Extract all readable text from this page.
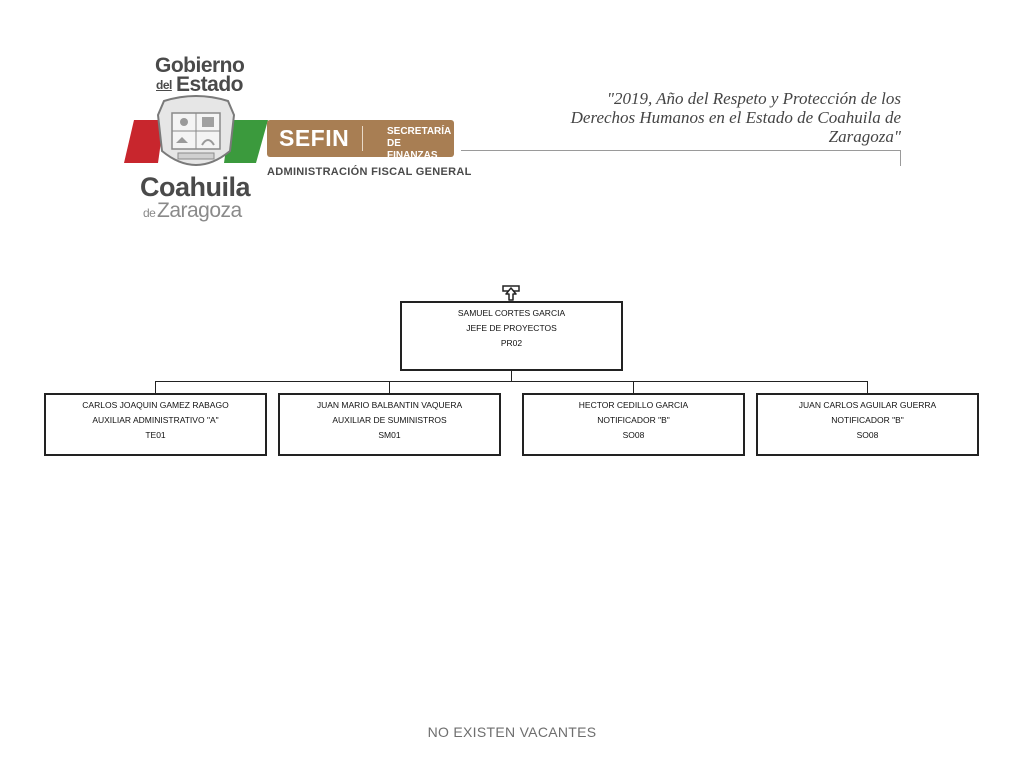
Gobierno
del Estado
Coahuila
de Zaragoza
SEFIN	SECRETARÍA
DE FINANZAS
ADMINISTRACIÓN FISCAL GENERAL
"2019, Año del Respeto y Protección de los Derechos Humanos en el Estado de Coahuila de Zaragoza"
SAMUEL CORTES GARCIA
JEFE DE PROYECTOS
PR02
CARLOS JOAQUIN GAMEZ RABAGO
AUXILIAR ADMINISTRATIVO "A"
TE01
JUAN MARIO BALBANTIN VAQUERA
AUXILIAR DE SUMINISTROS
SM01
HECTOR CEDILLO GARCIA
NOTIFICADOR "B"
SO08
JUAN CARLOS AGUILAR GUERRA
NOTIFICADOR "B"
SO08
NO EXISTEN VACANTES
